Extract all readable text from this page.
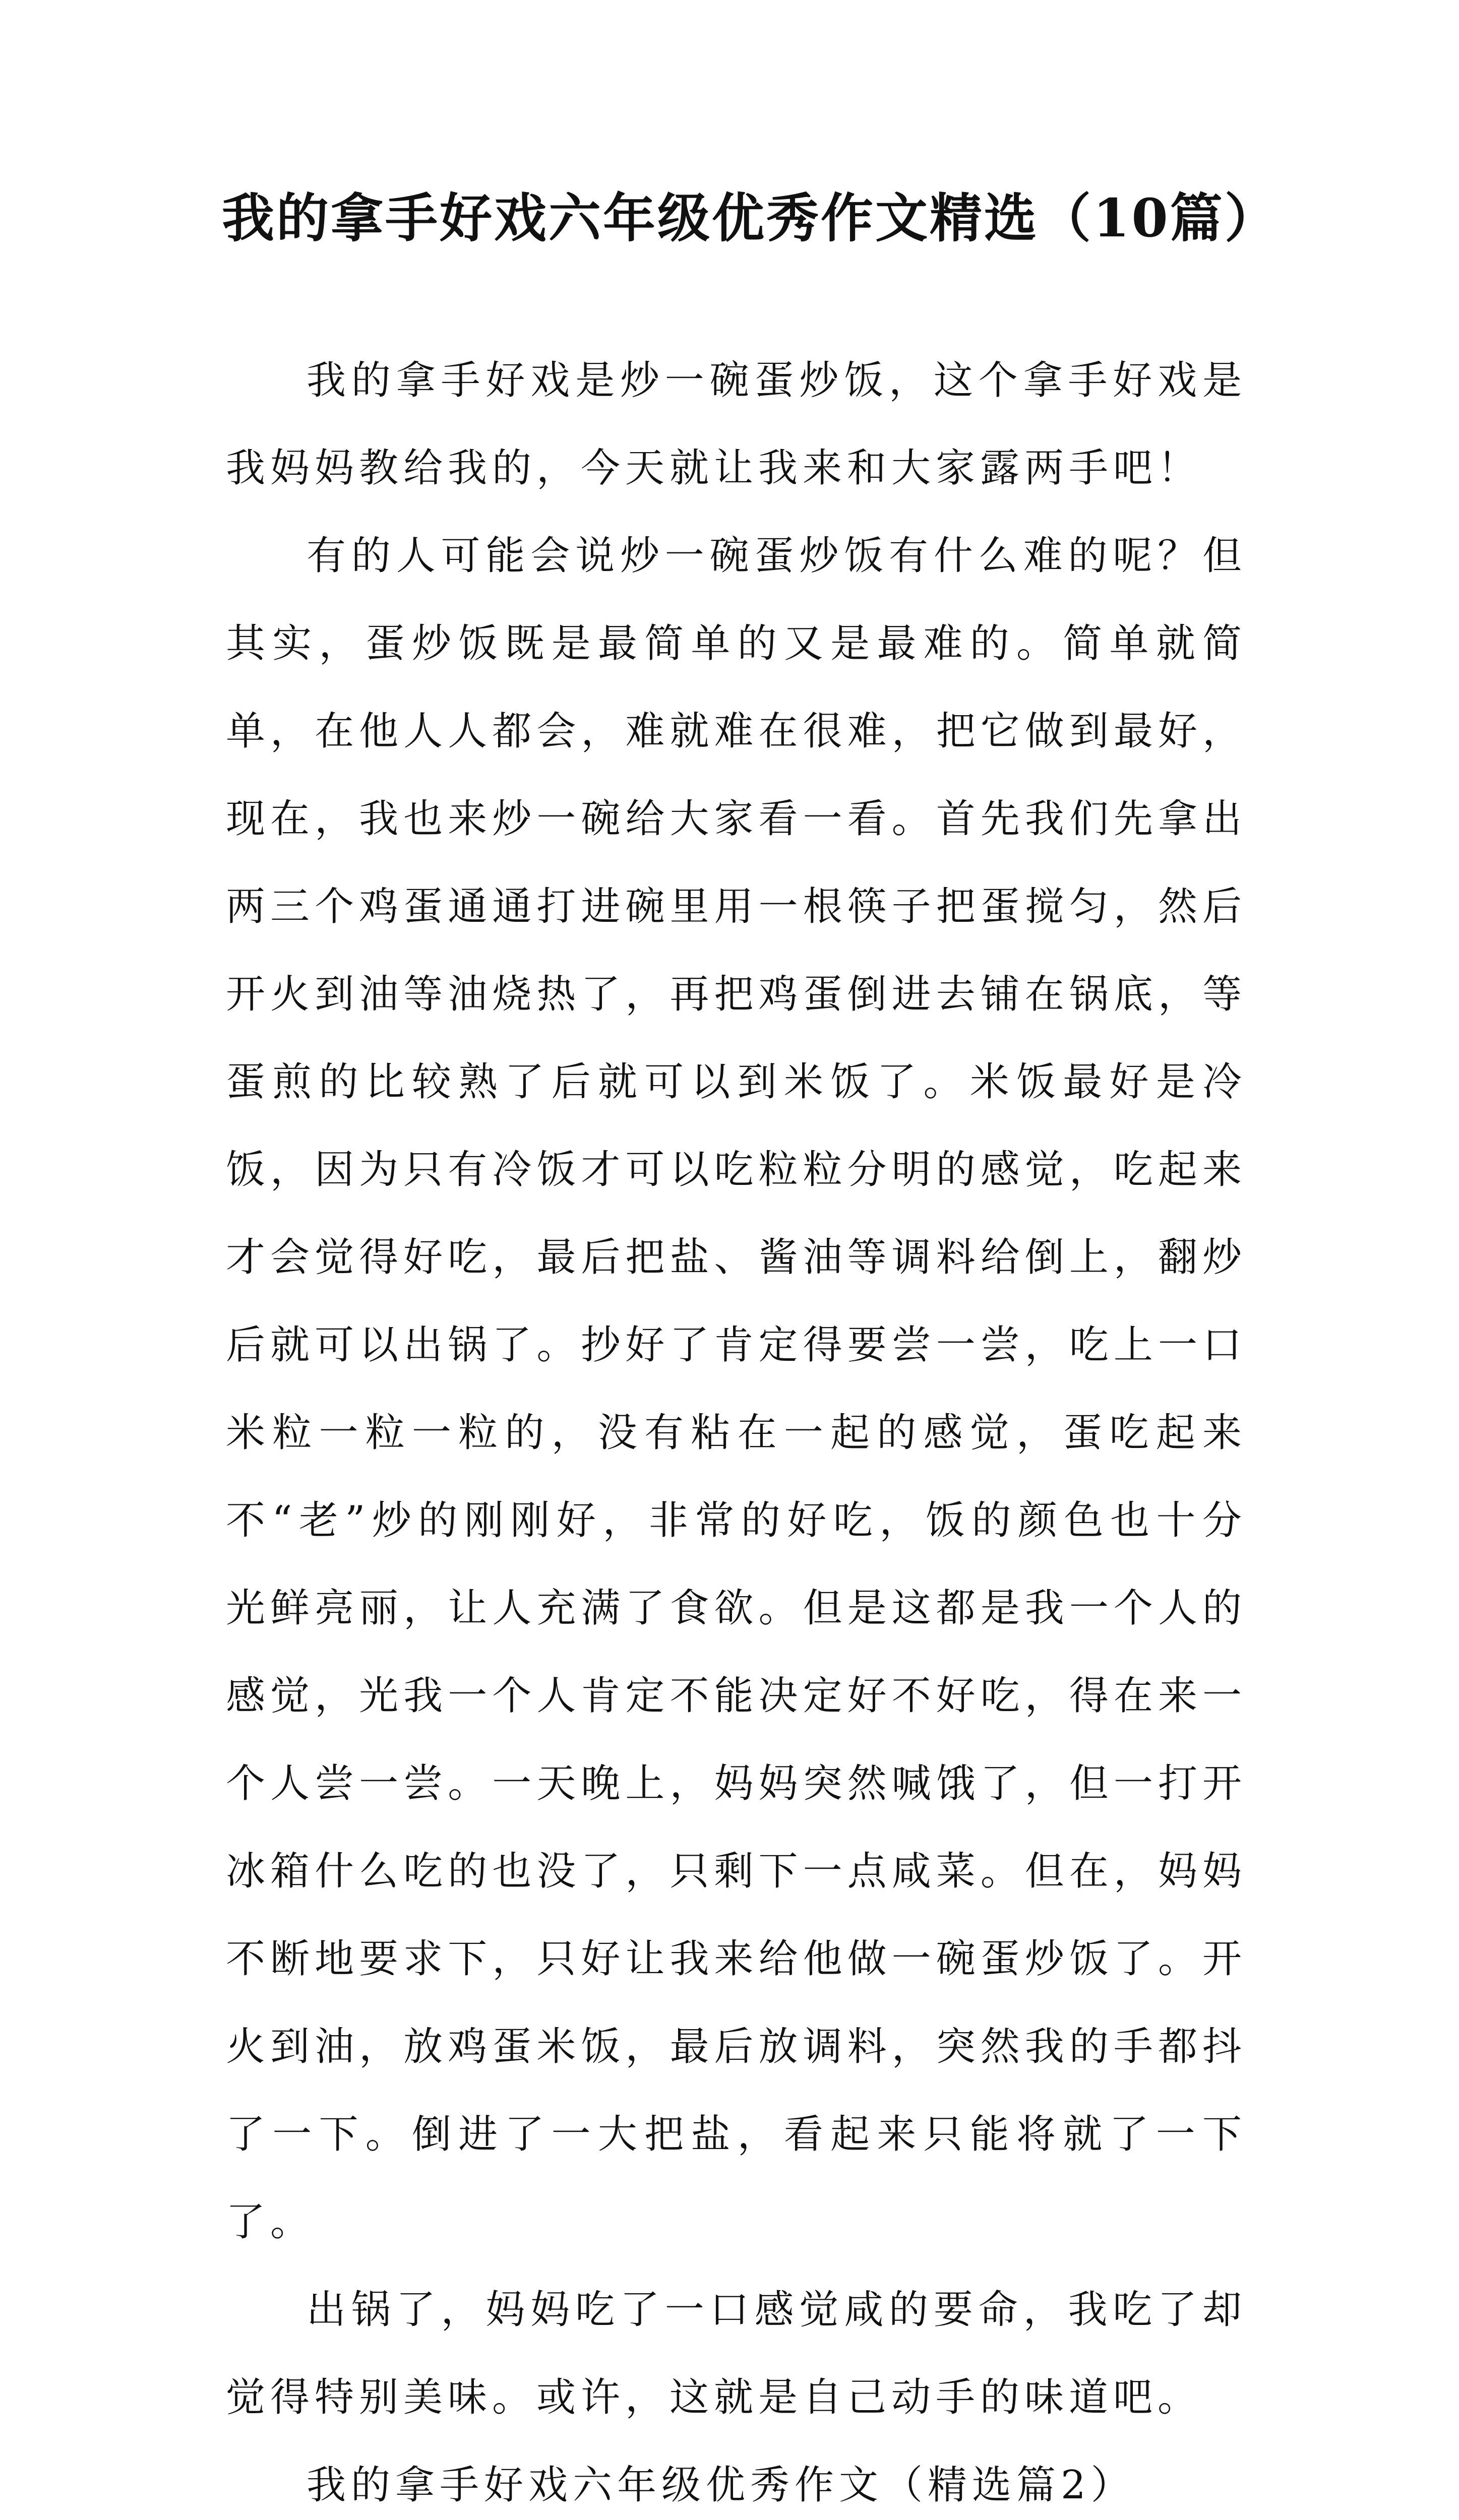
我的拿手好戏六年级优秀作文精选（10篇）

我的拿手好戏是炒一碗蛋炒饭，这个拿手好戏是我妈妈教给我的，今天就让我来和大家露两手吧！

有的人可能会说炒一碗蛋炒饭有什么难的呢？但其实，蛋炒饭既是最简单的又是最难的。简单就简单，在他人人都会，难就难在很难，把它做到最好，现在，我也来炒一碗给大家看一看。首先我们先拿出两三个鸡蛋通通打进碗里用一根筷子把蛋搅匀，然后开火到油等油烧热了，再把鸡蛋倒进去铺在锅底，等蛋煎的比较熟了后就可以到米饭了。米饭最好是冷饭，因为只有冷饭才可以吃粒粒分明的感觉，吃起来才会觉得好吃，最后把盐、酱油等调料给倒上，翻炒后就可以出锅了。抄好了肯定得要尝一尝，吃上一口米粒一粒一粒的，没有粘在一起的感觉，蛋吃起来不“老”炒的刚刚好，非常的好吃，饭的颜色也十分光鲜亮丽，让人充满了食欲。但是这都是我一个人的感觉，光我一个人肯定不能决定好不好吃，得在来一个人尝一尝。一天晚上，妈妈突然喊饿了，但一打开冰箱什么吃的也没了，只剩下一点咸菜。但在，妈妈不断地要求下，只好让我来给他做一碗蛋炒饭了。开火到油，放鸡蛋米饭，最后放调料，突然我的手都抖了一下。倒进了一大把盐，看起来只能将就了一下了。

出锅了，妈妈吃了一口感觉咸的要命，我吃了却觉得特别美味。或许，这就是自己动手的味道吧。

我的拿手好戏六年级优秀作文（精选篇2）
